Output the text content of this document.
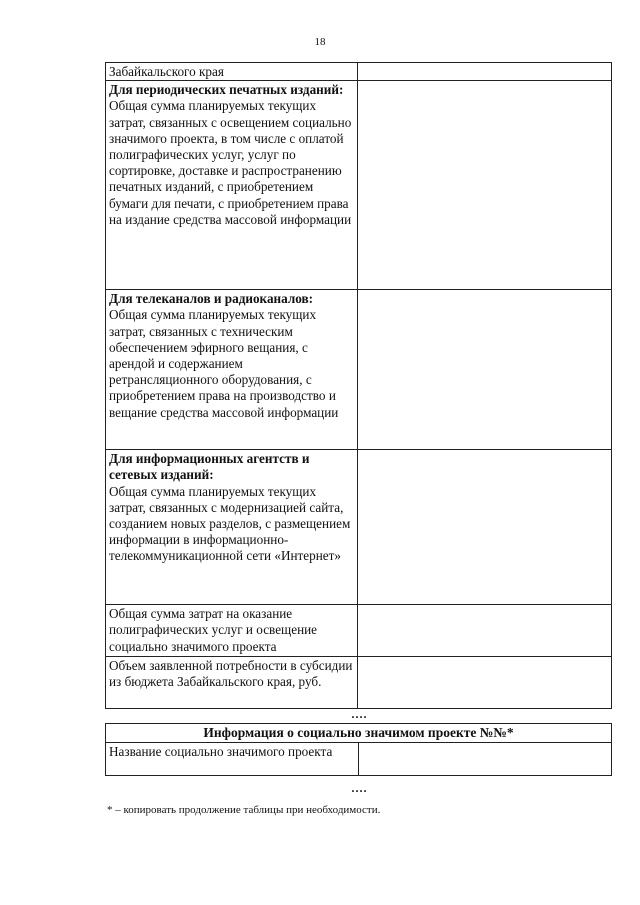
18
Забайкальского края	

Для периодических печатных изданий:
Общая сумма планируемых текущих затрат, связанных с освещением социально значимого проекта, в том числе с оплатой полиграфических услуг, услуг по сортировке, доставке и распространению печатных изданий, с приобретением бумаги для печати, с приобретением права на издание средства массовой информации	

Для телеканалов и радиоканалов:
Общая сумма планируемых текущих затрат, связанных с техническим обеспечением эфирного вещания, с арендой и содержанием ретрансляционного оборудования, с приобретением права на производство и вещание средства массовой информации	

Для информационных агентств и сетевых изданий:
Общая сумма планируемых текущих затрат, связанных с модернизацией сайта, созданием новых разделов, с размещением информации в информационно-телекоммуникационной сети «Интернет»	

Общая сумма затрат на оказание полиграфических услуг и освещение социально значимого проекта	

Объем заявленной потребности в субсидии из бюджета Забайкальского края, руб.	

….
Информация о социально значимом проекте №№*

Название социально значимого проекта

….
* – копировать продолжение таблицы при необходимости.
